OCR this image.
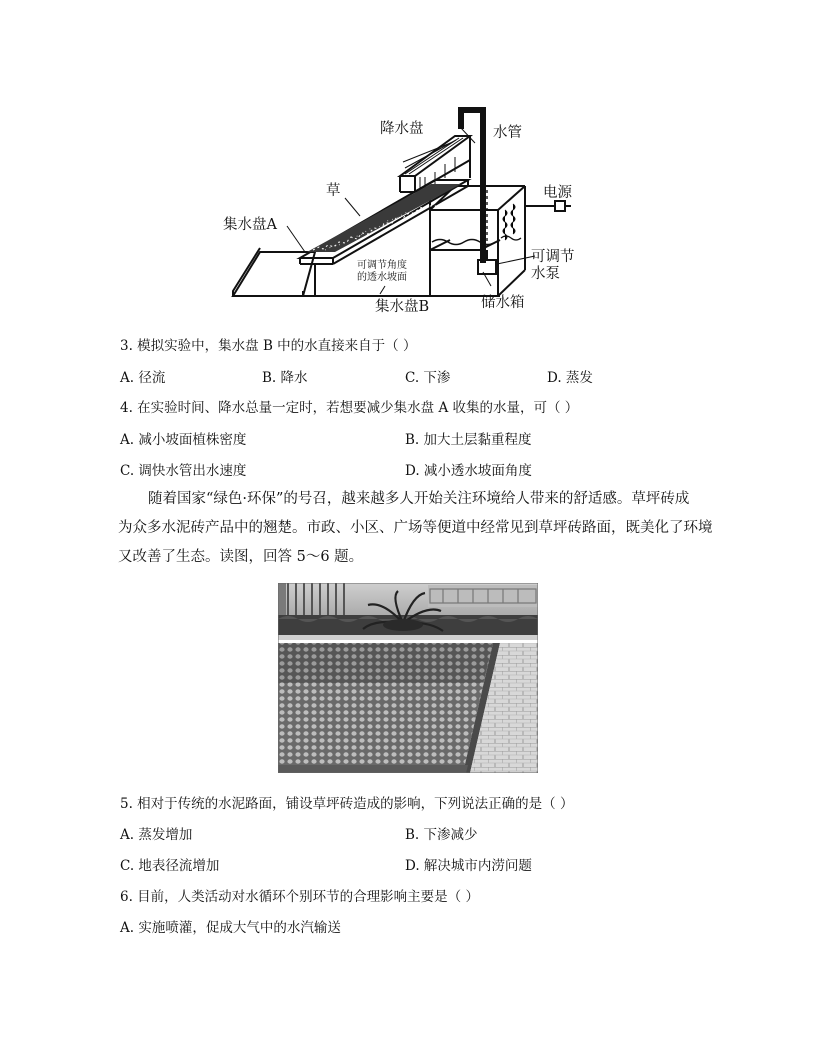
降水盘	水管
草	电源
集水盘A
可调节
水泵
可调节角度
的透水坡面
集水盘B	储水箱
3. 模拟实验中，集水盘 B 中的水直接来自于（ ）
A. 径流	B. 降水	C. 下渗	D. 蒸发
4. 在实验时间、降水总量一定时，若想要减少集水盘 A 收集的水量，可（ ）
A. 减小坡面植株密度	B. 加大土层黏重程度
C. 调快水管出水速度	D. 减小透水坡面角度
随着国家“绿色·环保”的号召，越来越多人开始关注环境给人带来的舒适感。草坪砖成
为众多水泥砖产品中的翘楚。市政、小区、广场等便道中经常见到草坪砖路面，既美化了环境
又改善了生态。读图，回答 5～6 题。
5. 相对于传统的水泥路面，铺设草坪砖造成的影响，下列说法正确的是（ ）
A. 蒸发增加	B. 下渗减少
C. 地表径流增加	D. 解决城市内涝问题
6. 目前，人类活动对水循环个别环节的合理影响主要是（ ）
A. 实施喷灌，促成大气中的水汽输送
